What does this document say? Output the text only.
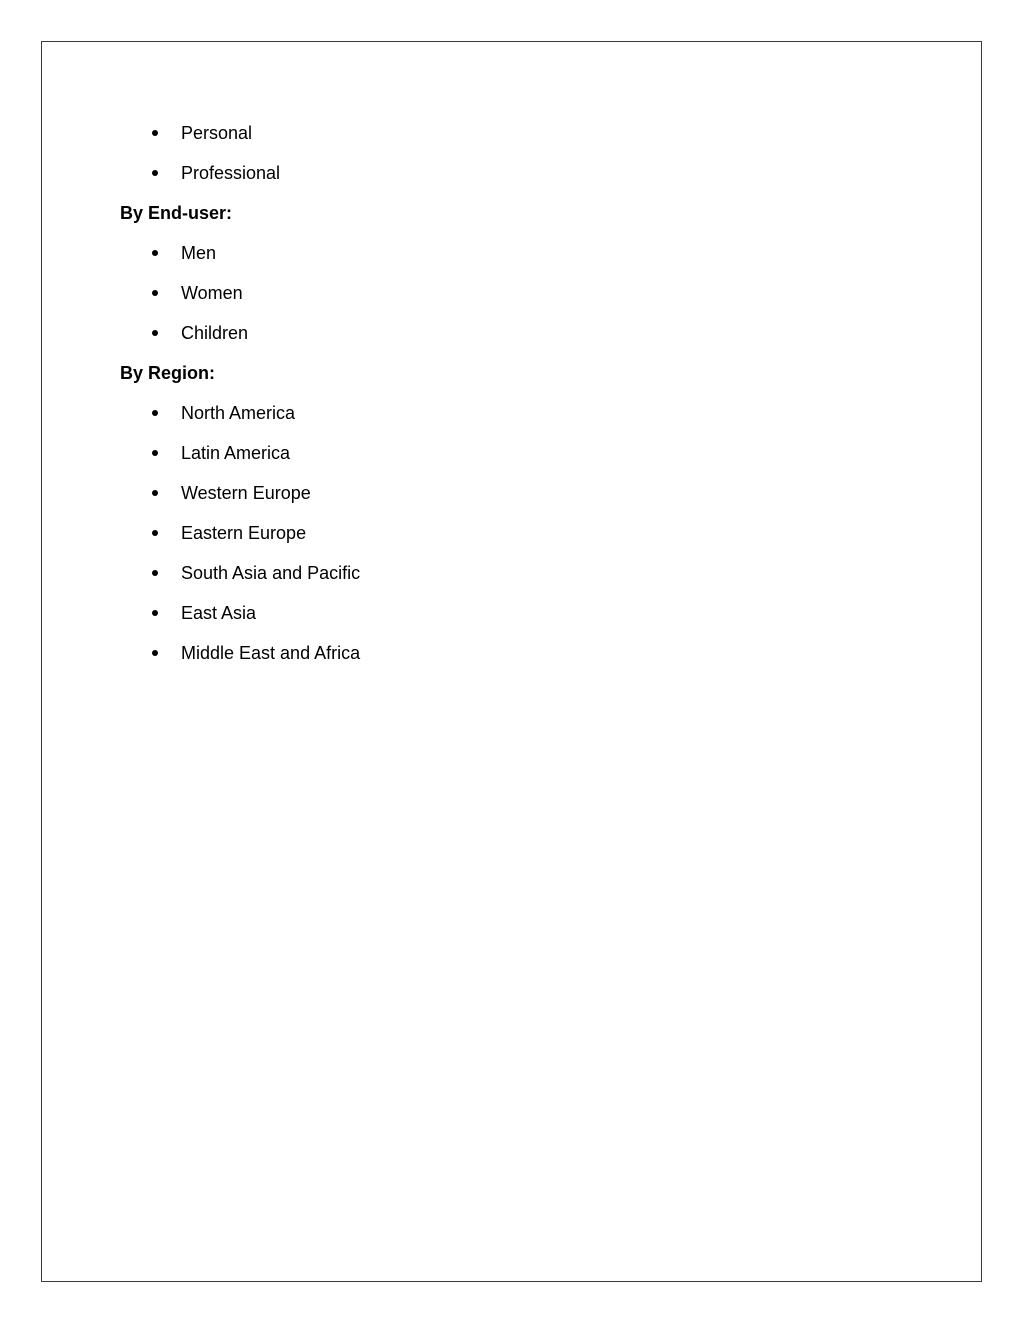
Personal
Professional

By End-user:

Men
Women
Children

By Region:

North America
Latin America
Western Europe
Eastern Europe
South Asia and Pacific
East Asia
Middle East and Africa
